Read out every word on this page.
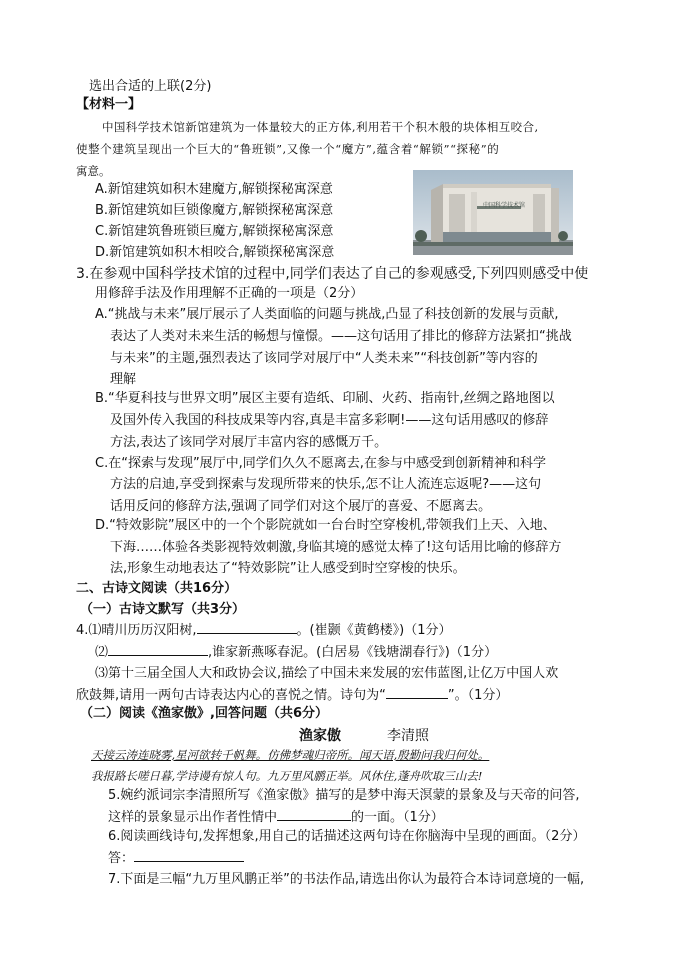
选出合适的上联(2分)
【材料一】
中国科学技术馆新馆建筑为一体量较大的正方体,利用若干个积木般的块体相互咬合,
使整个建筑呈现出一个巨大的“鲁班锁”,又像一个“魔方”,蕴含着“解锁”“探秘”的
寓意。
A.新馆建筑如积木建魔方,解锁探秘寓深意
B.新馆建筑如巨锁像魔方,解锁探秘寓深意
C.新馆建筑鲁班锁巨魔方,解锁探秘寓深意
D.新馆建筑如积木相咬合,解锁探秘寓深意
中国科学技术馆
3.在参观中国科学技术馆的过程中,同学们表达了自己的参观感受,下列四则感受中使
用修辞手法及作用理解不正确的一项是（2分）
A.“挑战与未来”展厅展示了人类面临的问题与挑战,凸显了科技创新的发展与贡献,
表达了人类对未来生活的畅想与憧憬。——这句话用了排比的修辞方法紧扣“挑战
与未来”的主题,强烈表达了该同学对展厅中“人类未来”“科技创新”等内容的
理解
B.“华夏科技与世界文明”展区主要有造纸、印刷、火药、指南针,丝绸之路地图以
及国外传入我国的科技成果等内容,真是丰富多彩啊!——这句话用感叹的修辞
方法,表达了该同学对展厅丰富内容的感慨万千。
C.在“探索与发现”展厅中,同学们久久不愿离去,在参与中感受到创新精神和科学
方法的启迪,享受到探索与发现所带来的快乐,怎不让人流连忘返呢?——这句
话用反问的修辞方法,强调了同学们对这个展厅的喜爱、不愿离去。
D.“特效影院”展区中的一个个影院就如一台台时空穿梭机,带领我们上天、入地、
下海……体验各类影视特效刺激,身临其境的感觉太棒了!这句话用比喻的修辞方
法,形象生动地表达了“特效影院”让人感受到时空穿梭的快乐。
二、古诗文阅读（共16分）
（一）古诗文默写（共3分）
4.⑴晴川历历汉阳树,	。(崔颢《黄鹤楼》)（1分）
⑵	,谁家新燕啄春泥。(白居易《钱塘湖春行》)（1分）
⑶第十三届全国人大和政协会议,描绘了中国未来发展的宏伟蓝图,让亿万中国人欢
欣鼓舞,请用一两句古诗表达内心的喜悦之情。诗句为“	”。（1分）
（二）阅读《渔家傲》,回答问题（共6分）
渔家傲	李清照
天接云涛连晓雾,星河欲转千帆舞。仿佛梦魂归帝所。闻天语,殷勤问我归何处。
我报路长嗟日暮,学诗谩有惊人句。九万里风鹏正举。风休住,蓬舟吹取三山去!
5.婉约派词宗李清照所写《渔家傲》描写的是梦中海天溟蒙的景象及与天帝的问答,
这样的景象显示出作者性情中	的一面。（1分）
6.阅读画线诗句,发挥想象,用自己的话描述这两句诗在你脑海中呈现的画面。（2分）
答：
7.下面是三幅“九万里风鹏正举”的书法作品,请选出你认为最符合本诗词意境的一幅,
